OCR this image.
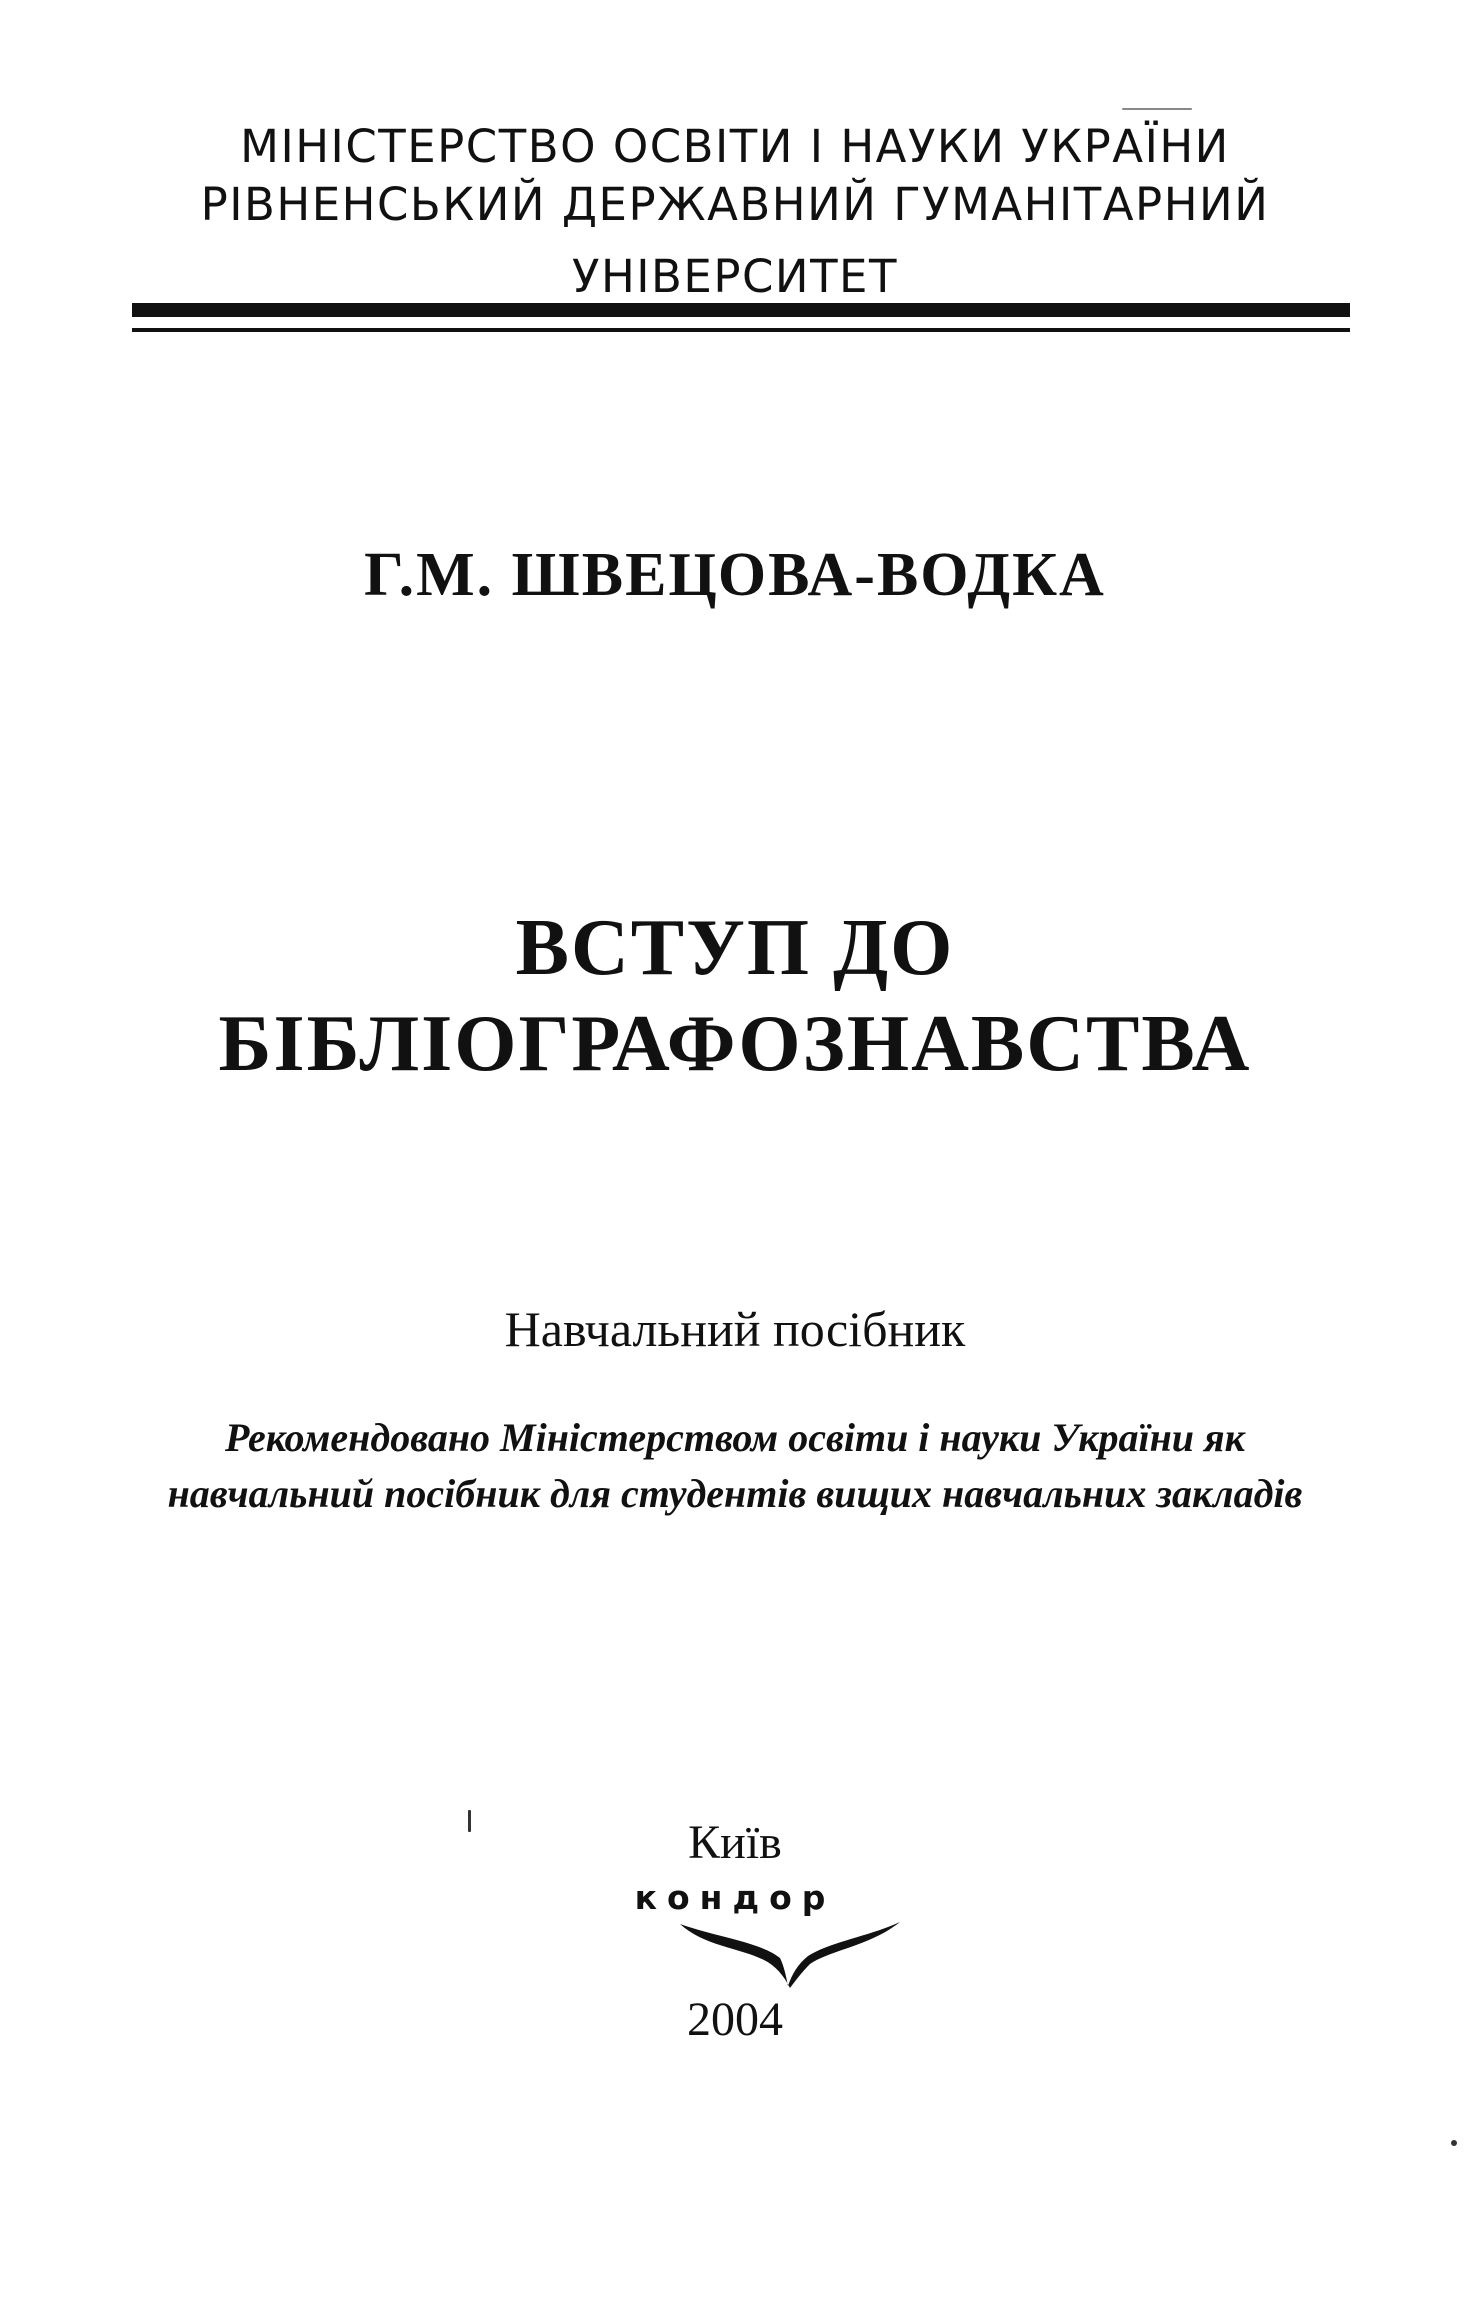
МІНІСТЕРСТВО ОСВІТИ І НАУКИ УКРАЇНИ
РІВНЕНСЬКИЙ ДЕРЖАВНИЙ ГУМАНІТАРНИЙ
УНІВЕРСИТЕТ
Г.М. ШВЕЦОВА-ВОДКА
ВСТУП ДО
БІБЛІОГРАФОЗНАВСТВА
Навчальний посібник
Рекомендовано Міністерством освіти і науки України як
навчальний посібник для студентів вищих навчальних закладів
Київ
кондор
2004
